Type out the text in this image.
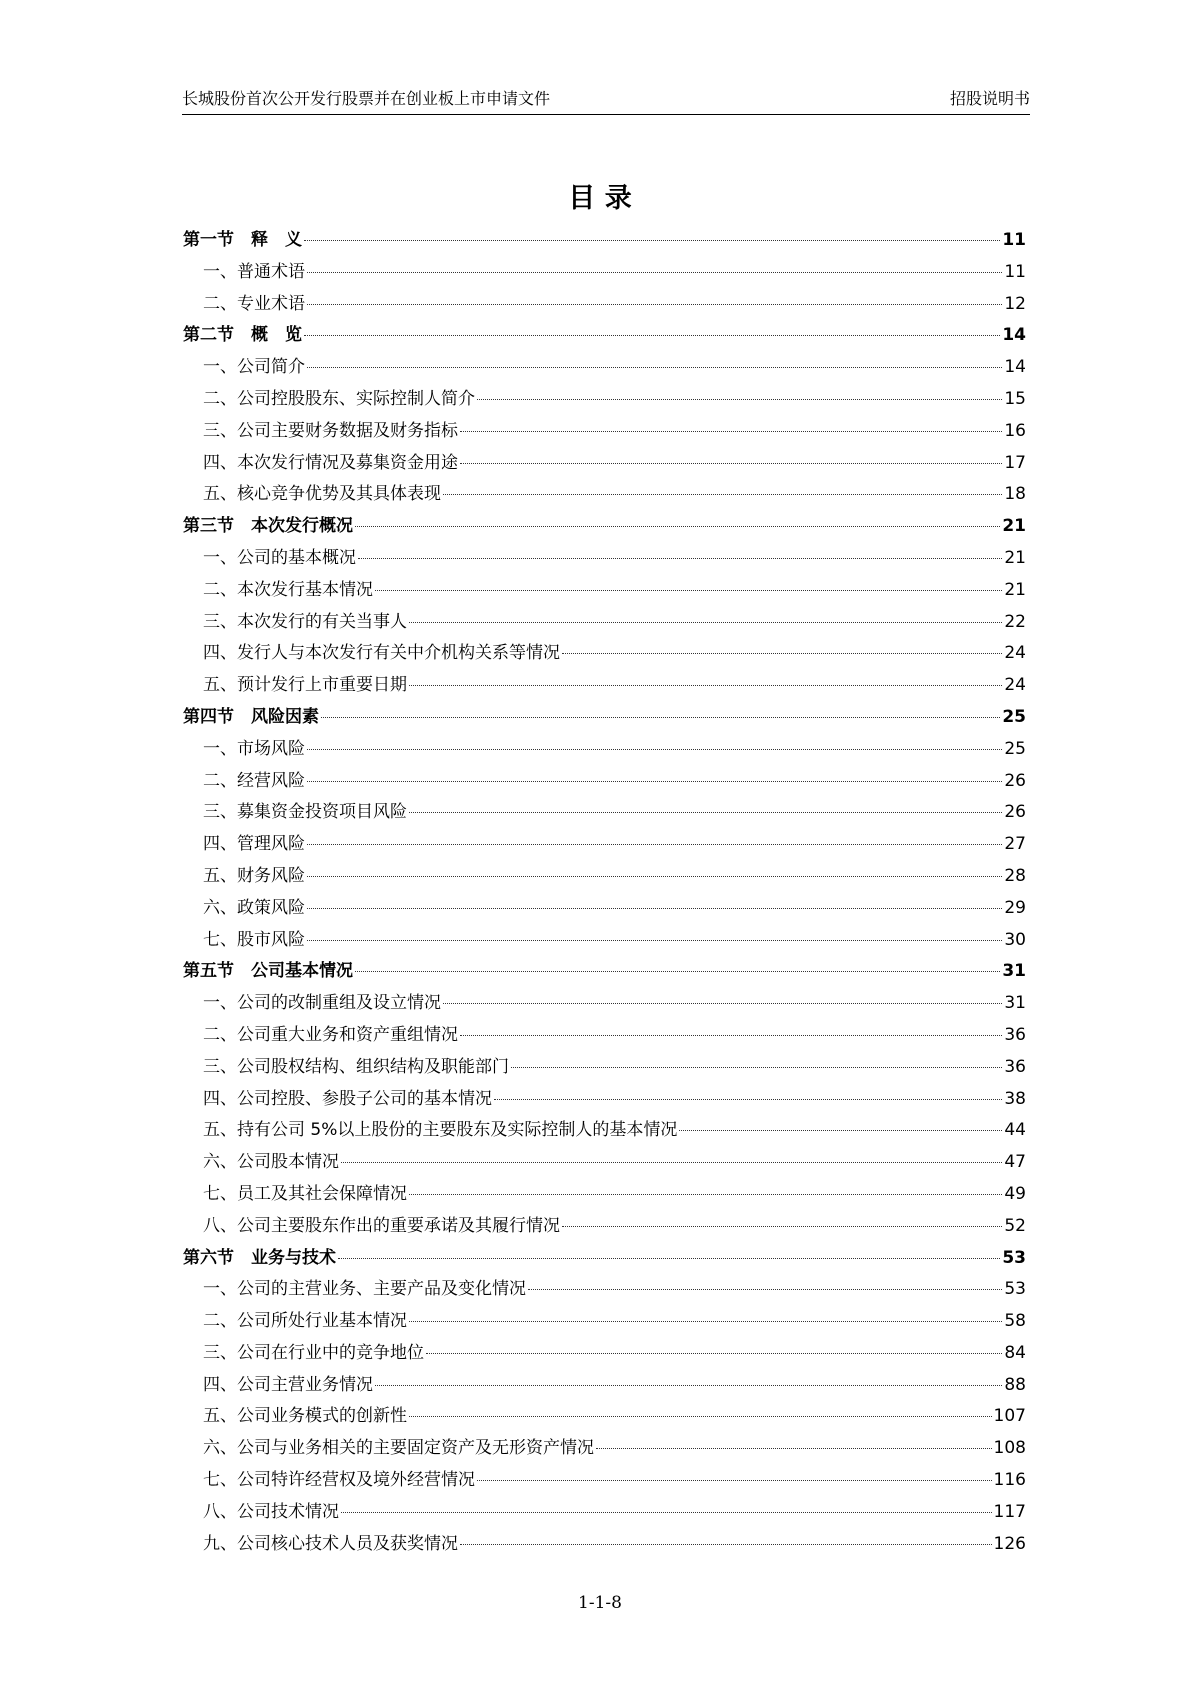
长城股份首次公开发行股票并在创业板上市申请文件	招股说明书
目 录
第一节　释　义	11
一、普通术语	11
二、专业术语	12
第二节　概　览	14
一、公司简介	14
二、公司控股股东、实际控制人简介	15
三、公司主要财务数据及财务指标	16
四、本次发行情况及募集资金用途	17
五、核心竞争优势及其具体表现	18
第三节　本次发行概况	21
一、公司的基本概况	21
二、本次发行基本情况	21
三、本次发行的有关当事人	22
四、发行人与本次发行有关中介机构关系等情况	24
五、预计发行上市重要日期	24
第四节　风险因素	25
一、市场风险	25
二、经营风险	26
三、募集资金投资项目风险	26
四、管理风险	27
五、财务风险	28
六、政策风险	29
七、股市风险	30
第五节　公司基本情况	31
一、公司的改制重组及设立情况	31
二、公司重大业务和资产重组情况	36
三、公司股权结构、组织结构及职能部门	36
四、公司控股、参股子公司的基本情况	38
五、持有公司 5%以上股份的主要股东及实际控制人的基本情况	44
六、公司股本情况	47
七、员工及其社会保障情况	49
八、公司主要股东作出的重要承诺及其履行情况	52
第六节　业务与技术	53
一、公司的主营业务、主要产品及变化情况	53
二、公司所处行业基本情况	58
三、公司在行业中的竞争地位	84
四、公司主营业务情况	88
五、公司业务模式的创新性	107
六、公司与业务相关的主要固定资产及无形资产情况	108
七、公司特许经营权及境外经营情况	116
八、公司技术情况	117
九、公司核心技术人员及获奖情况	126
1-1-8
